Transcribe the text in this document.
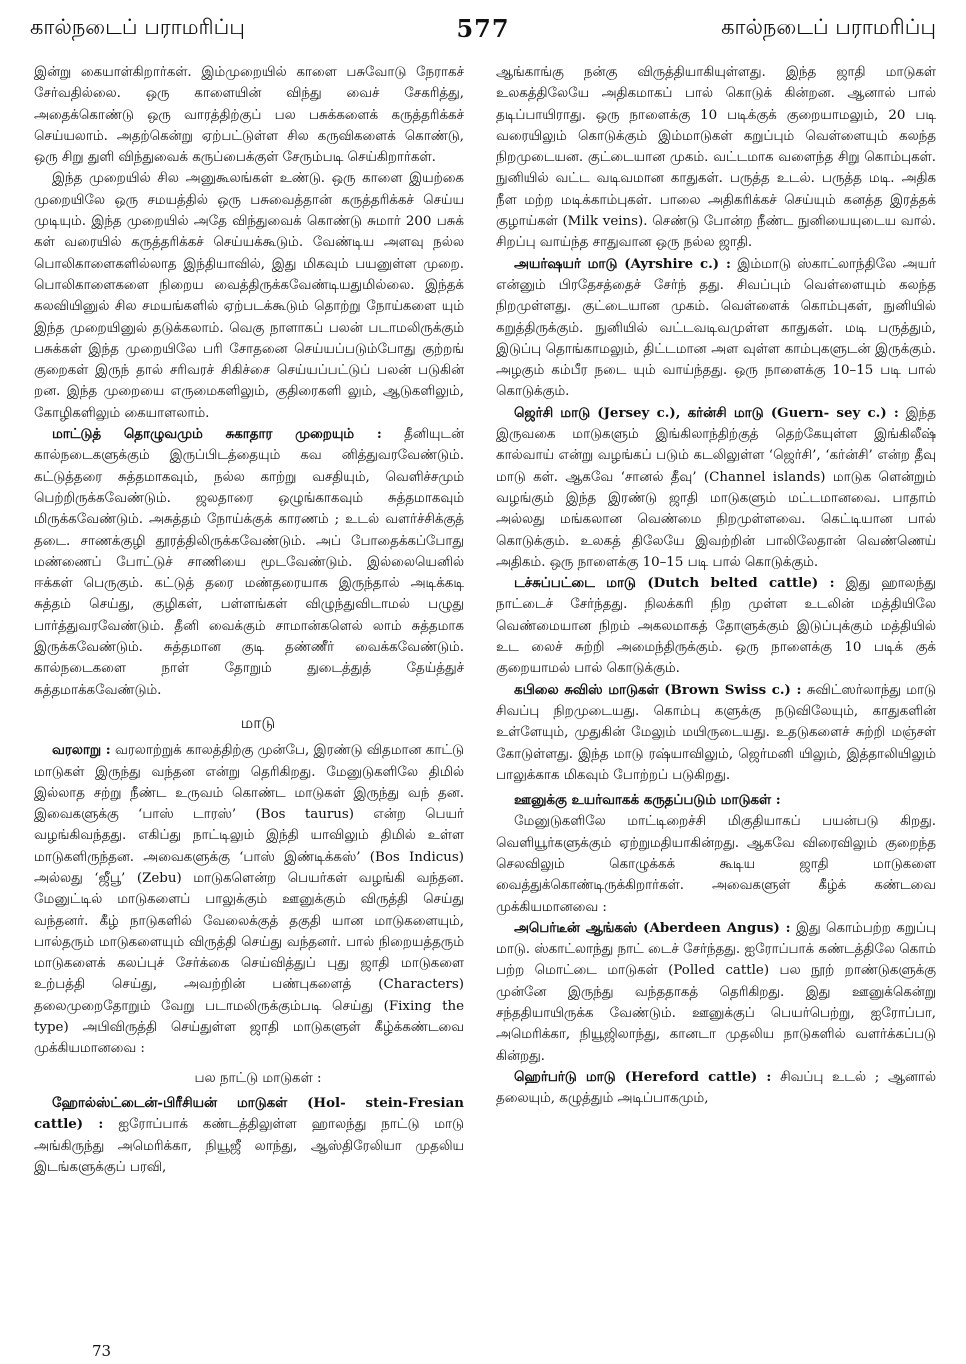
கால்நடைப் பராமரிப்பு	577	கால்நடைப் பராமரிப்பு

இன்று கையாள்கிறார்கள். இம்முறையில் காளை பசுவோடு நேராகச் சேர்வதில்லை. ஒரு காளையின் விந்து வைச் சேகரித்து, அதைக்கொண்டு ஒரு வாரத்திற்குப் பல பசுக்களைக் கருத்தரிக்கச் செய்யலாம். அதற்கென்று ஏற்பட்டுள்ள சில கருவிகளைக் கொண்டு, ஒரு சிறு துளி விந்துவைக் கருப்பைக்குள் சேரும்படி செய்கிறார்கள்.

இந்த முறையில் சில அனுகூலங்கள் உண்டு. ஒரு காளை இயற்கை முறையிலே ஒரு சமயத்தில் ஒரு பசுவைத்தான் கருத்தரிக்கச் செய்ய முடியும். இந்த முறையில் அதே விந்துவைக் கொண்டு சுமார் 200 பசுக் கள் வரையில் கருத்தரிக்கச் செய்யக்கூடும். வேண்டிய அளவு நல்ல பொலிகாளைகளில்லாத இந்தியாவில், இது மிகவும் பயனுள்ள முறை. பொலிகாளைகளை நிறைய வைத்திருக்கவேண்டியதுமில்லை. இந்தக் கலவியினுல் சில சமயங்களில் ஏற்படக்கூடும் தொற்று நோய்களை யும் இந்த முறையினுல் தடுக்கலாம். வெகு நாளாகப் பலன் படாமலிருக்கும் பசுக்கள் இந்த முறையிலே பரி சோதனை செய்யப்படும்போது குற்றங் குறைகள் இருந் தால் சரிவரச் சிகிச்சை செய்யப்பட்டுப் பலன் படுகின் றன. இந்த முறையை எருமைகளிலும், குதிரைகளி லும், ஆடுகளிலும், கோழிகளிலும் கையாளலாம்.

மாட்டுத் தொழுவமும் சுகாதார முறையும் : தீனியுடன் கால்நடைகளுக்கும் இருப்பிடத்தையும் கவ னித்துவரவேண்டும். கட்டுத்தரை சுத்தமாகவும், நல்ல காற்று வசதியும், வெளிச்சமும் பெற்றிருக்கவேண்டும். ஜலதாரை ஒழுங்காகவும் சுத்தமாகவும் மிருக்கவேண்டும். அசுத்தம் நோய்க்குக் காரணம் ; உடல் வளர்ச்சிக்குத் தடை. சாணக்குழி தூரத்திலிருக்கவேண்டும். அப் போதைக்கப்போது மண்ணைப் போட்டுச் சாணியை மூடவேண்டும். இல்லையெனில் ஈக்கள் பெருகும். கட்டுத் தரை மண்தரையாக இருந்தால் அடிக்கடி சுத்தம் செய்து, குழிகள், பள்ளங்கள் விழுந்துவிடாமல் பழுது பார்த்துவரவேண்டும். தீனி வைக்கும் சாமான்களெல் லாம் சுத்தமாக இருக்கவேண்டும். சுத்தமான குடி தண்ணீர் வைக்கவேண்டும். கால்நடைகளை நாள் தோறும் துடைத்துத் தேய்த்துச் சுத்தமாக்கவேண்டும்.

மாடு

வரலாறு : வரலாற்றுக் காலத்திற்கு முன்பே, இரண்டு விதமான காட்டு மாடுகள் இருந்து வந்தன என்று தெரிகிறது. மேனுடுகளிலே திமில் இல்லாத சற்று நீண்ட உருவம் கொண்ட மாடுகள் இருந்து வந் தன. இவைகளுக்கு ‘பாஸ் டாரஸ்’ (Bos taurus) என்ற பெயர் வழங்கிவந்தது. எகிப்து நாட்டிலும் இந்தி யாவிலும் திமில் உள்ள மாடுகளிருந்தன. அவைகளுக்கு ‘பாஸ் இண்டிக்கஸ்’ (Bos Indicus) அல்லது ‘ஜீபூ’ (Zebu) மாடுகளென்ற பெயர்கள் வழங்கி வந்தன. மேனுட்டில் மாடுகளைப் பாலுக்கும் ஊனுக்கும் விருத்தி செய்து வந்தனர். கீழ் நாடுகளில் வேலைக்குத் தகுதி யான மாடுகளையும், பால்தரும் மாடுகளையும் விருத்தி செய்து வந்தனர். பால் நிறையத்தரும் மாடுகளைக் கலப்புச் சேர்க்கை செய்வித்துப் புது ஜாதி மாடுகளை உற்பத்தி செய்து, அவற்றின் பண்புகளைத் (Characters) தலைமுறைதோறும் வேறு படாமலிருக்கும்படி செய்து (Fixing the type) அபிவிருத்தி செய்துள்ள ஜாதி மாடுகளுள் கீழ்க்கண்டவை முக்கியமானவை :

பல நாட்டு மாடுகள் :

ஹோல்ஸ்ட்டைன்-பிரீசியன் மாடுகள் (Hol- stein-Fresian cattle) : ஐரோப்பாக் கண்டத்திலுள்ள ஹாலந்து நாட்டு மாடு அங்கிருந்து அமெரிக்கா, நியூஜீ லாந்து, ஆஸ்திரேலியா முதலிய இடங்களுக்குப் பரவி,

ஆங்காங்கு நன்கு விருத்தியாகியுள்ளது. இந்த ஜாதி மாடுகள் உலகத்திலேயே அதிகமாகப் பால் கொடுக் கின்றன. ஆனால் பால் தடிப்பாயிராது. ஒரு நாளைக்கு 10 படிக்குக் குறையாமலும், 20 படி வரையிலும் கொடுக்கும் இம்மாடுகள் கறுப்பும் வெள்ளையும் கலந்த நிறமுடையன. குட்டையான முகம். வட்டமாக வளைந்த சிறு கொம்புகள். நுனியில் வட்ட வடிவமான காதுகள். பருத்த உடல். பருத்த மடி. அதிக நீள மற்ற மடிக்காம்புகள். பாலை அதிகரிக்கச் செய்யும் கனத்த இரத்தக் குழாய்கள் (Milk veins). செண்டு போன்ற நீண்ட நுனியையுடைய வால். சிறப்பு வாய்ந்த சாதுவான ஒரு நல்ல ஜாதி.

அயர்ஷயர் மாடு (Ayrshire c.) : இம்மாடு ஸ்காட்லாந்திலே அயர் என்னும் பிரதேசத்தைச் சேர்ந் தது. சிவப்பும் வெள்ளையும் கலந்த நிறமுள்ளது. குட்டையான முகம். வெள்ளைக் கொம்புகள், நுனியில் கறுத்திருக்கும். நுனியில் வட்டவடிவமுள்ள காதுகள். மடி பருத்தும், இடுப்பு தொங்காமலும், திட்டமான அள வுள்ள காம்புகளுடன் இருக்கும். அழகும் கம்பீர நடை யும் வாய்ந்தது. ஒரு நாளைக்கு 10–15 படி பால் கொடுக்கும்.

ஜெர்சி மாடு (Jersey c.), கர்ன்சி மாடு (Guern- sey c.) : இந்த இருவகை மாடுகளும் இங்கிலாந்திற்குத் தெற்கேயுள்ள இங்கிலீஷ் கால்வாய் என்று வழங்கப் படும் கடலிலுள்ள ‘ஜெர்சி’, ‘கர்ன்சி’ என்ற தீவு மாடு கள். ஆகவே ‘சானல் தீவு’ (Channel islands) மாடுக ளென்றும் வழங்கும் இந்த இரண்டு ஜாதி மாடுகளும் மட்டமானவை. பாதாம் அல்லது மங்கலான வெண்மை நிறமுள்ளவை. கெட்டியான பால் கொடுக்கும். உலகத் திலேயே இவற்றின் பாலிலேதான் வெண்ணெய் அதிகம். ஒரு நாளைக்கு 10–15 படி பால் கொடுக்கும்.

டச்சுப்பட்டை மாடு (Dutch belted cattle) : இது ஹாலந்து நாட்டைச் சேர்ந்தது. நிலக்கரி நிற முள்ள உடலின் மத்தியிலே வெண்மையான நிறம் அகலமாகத் தோளுக்கும் இடுப்புக்கும் மத்தியில் உட லைச் சுற்றி அமைந்திருக்கும். ஒரு நாளைக்கு 10 படிக் குக் குறையாமல் பால் கொடுக்கும்.

கபிலை சுவிஸ் மாடுகள் (Brown Swiss c.) : சுவிட்ஸர்லாந்து மாடு சிவப்பு நிறமுடையது. கொம்பு களுக்கு நடுவிலேயும், காதுகளின் உள்ளேயும், முதுகின் மேலும் மயிருடையது. உதடுகளைச் சுற்றி மஞ்சள் கோடுள்ளது. இந்த மாடு ரஷ்யாவிலும், ஜெர்மனி யிலும், இத்தாலியிலும் பாலுக்காக மிகவும் போற்றப் படுகிறது.

ஊனுக்கு உயர்வாகக் கருதப்படும் மாடுகள் :

மேனுடுகளிலே மாட்டிறைச்சி மிகுதியாகப் பயன்படு கிறது. வெளியூர்களுக்கும் ஏற்றுமதியாகின்றது. ஆகவே விரைவிலும் குறைந்த செலவிலும் கொழுக்கக் கூடிய ஜாதி மாடுகளை வைத்துக்கொண்டிருக்கிறார்கள். அவைகளுள் கீழ்க் கண்டவை முக்கியமானவை :

அபெர்டீன் ஆங்கஸ் (Aberdeen Angus) : இது கொம்பற்ற கறுப்பு மாடு. ஸ்காட்லாந்து நாட் டைச் சேர்ந்தது. ஐரோப்பாக் கண்டத்திலே கொம் பற்ற மொட்டை மாடுகள் (Polled cattle) பல நூற் றாண்டுகளுக்கு முன்னே இருந்து வந்ததாகத் தெரிகிறது. இது ஊனுக்கென்று சந்ததியாயிருக்க வேண்டும். ஊனுக்குப் பெயர்பெற்று, ஐரோப்பா, அமெரிக்கா, நியூஜிலாந்து, கானடா முதலிய நாடுகளில் வளர்க்கப்படு கின்றது.

ஹெர்பர்டு மாடு (Hereford cattle) : சிவப்பு உடல் ; ஆனால் தலையும், கழுத்தும் அடிப்பாகமும்,

73
